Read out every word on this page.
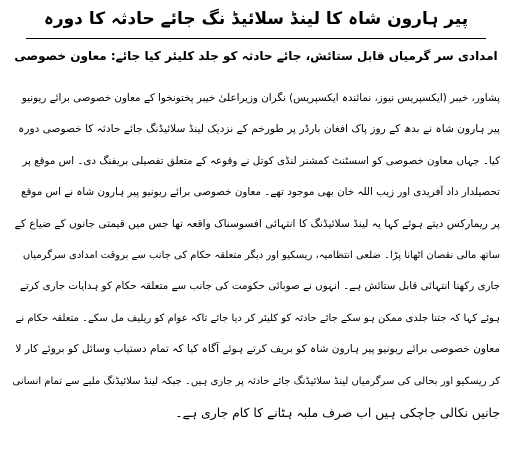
پیر ہارون شاہ کا لینڈ سلائیڈ نگ جائے حادثہ کا دورہ
امدادی سر گرمیاں قابل ستائش، جائے حادثہ کو جلد کلیئر کیا جائے: معاون خصوصی
پشاور، خیبر (ایکسپریس نیوز، نمائندہ ایکسپریس) نگران وزیراعلیٰ خیبر پختونخوا کے معاون خصوصی برائے ریونیو
پیر ہارون شاہ نے بدھ کے روز پاک افغان بارڈر پر طورخم کے نزدیک لینڈ سلائیڈنگ جائے حادثہ کا خصوصی دورہ
کیا۔ جہاں معاون خصوصی کو اسسٹنٹ کمشنر لنڈی کوتل نے وقوعہ کے متعلق تفصیلی بریفنگ دی۔ اس موقع پر
تحصیلدار داد آفریدی اور زیب اللہ خان بھی موجود تھے۔ معاون خصوصی برائے ریونیو پیر ہارون شاہ نے اس موقع
پر ریمارکس دیتے ہوئے کہا یہ لینڈ سلائیڈنگ کا انتہائی افسوسناک واقعہ تھا جس میں قیمتی جانوں کے ضیاع کے
ساتھ مالی نقصان اٹھانا پڑا۔ ضلعی انتظامیہ، ریسکیو اور دیگر متعلقہ حکام کی جانب سے بروقت امدادی سرگرمیاں
جاری رکھنا انتہائی قابل ستائش ہے۔ انہوں نے صوبائی حکومت کی جانب سے متعلقہ حکام کو ہدایات جاری کرتے
ہوئے کہا کہ جتنا جلدی ممکن ہو سکے جائے حادثہ کو کلیئر کر دیا جائے تاکہ عوام کو ریلیف مل سکے۔ متعلقہ حکام نے
معاون خصوصی برائے ریونیو پیر ہارون شاہ کو بریف کرتے ہوئے آگاہ کیا کہ تمام دستیاب وسائل کو بروئے کار لا
کر ریسکیو اور بحالی کی سرگرمیاں لینڈ سلائیڈنگ جائے حادثہ پر جاری ہیں۔ جبکہ لینڈ سلائیڈنگ ملبے سے تمام انسانی
جانیں نکالی جاچکی ہیں اب صرف ملبہ ہٹانے کا کام جاری ہے۔
